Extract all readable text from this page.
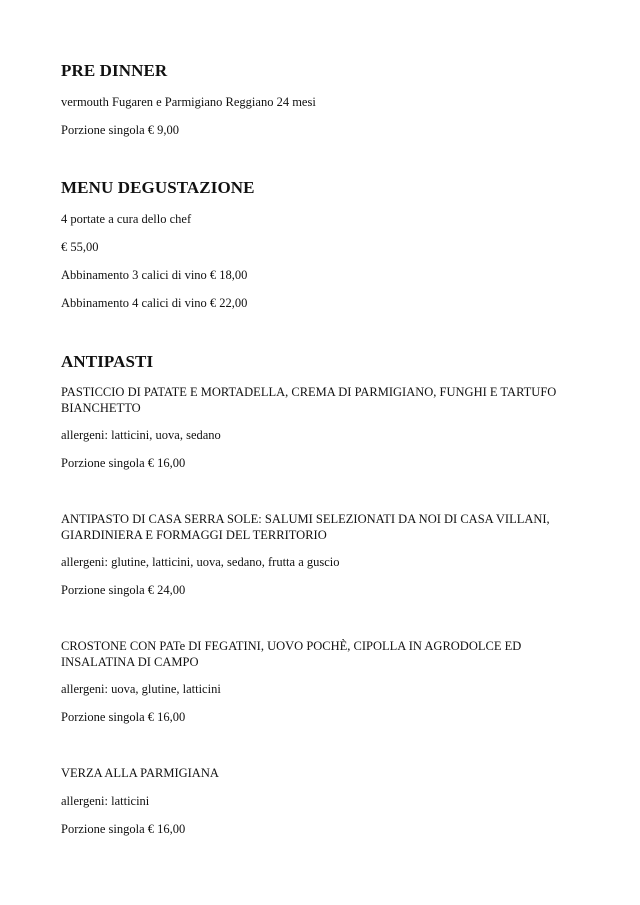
PRE DINNER

vermouth Fugaren e Parmigiano Reggiano 24 mesi

Porzione singola € 9,00

MENU DEGUSTAZIONE

4 portate a cura dello chef

€ 55,00

Abbinamento 3 calici di vino € 18,00

Abbinamento 4 calici di vino € 22,00

ANTIPASTI

PASTICCIO DI PATATE E MORTADELLA, CREMA DI PARMIGIANO, FUNGHI E TARTUFO BIANCHETTO

allergeni: latticini, uova, sedano

Porzione singola € 16,00

ANTIPASTO DI CASA SERRA SOLE: SALUMI SELEZIONATI DA NOI DI CASA VILLANI, GIARDINIERA E FORMAGGI DEL TERRITORIO

allergeni: glutine, latticini, uova, sedano, frutta a guscio

Porzione singola € 24,00

CROSTONE CON PATe DI FEGATINI, UOVO POCHÈ, CIPOLLA IN AGRODOLCE ED INSALATINA DI CAMPO

allergeni: uova, glutine, latticini

Porzione singola € 16,00

VERZA ALLA PARMIGIANA

allergeni: latticini

Porzione singola € 16,00
